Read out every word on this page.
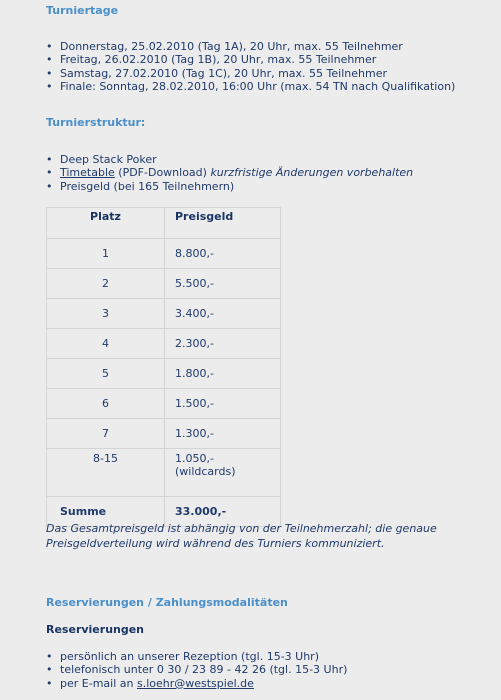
Turniertage
• Donnerstag, 25.02.2010 (Tag 1A), 20 Uhr, max. 55 Teilnehmer
• Freitag, 26.02.2010 (Tag 1B), 20 Uhr, max. 55 Teilnehmer
• Samstag, 27.02.2010 (Tag 1C), 20 Uhr, max. 55 Teilnehmer
• Finale: Sonntag, 28.02.2010, 16:00 Uhr (max. 54 TN nach Qualifikation)
Turnierstruktur:
• Deep Stack Poker
• Timetable (PDF-Download) kurzfristige Änderungen vorbehalten
• Preisgeld (bei 165 Teilnehmern)
Platz	Preisgeld
1	8.800,-
2	5.500,-
3	3.400,-
4	2.300,-
5	1.800,-
6	1.500,-
7	1.300,-
8-15	1.050,-
(wildcards)

Summe	33.000,-
Das Gesamtpreisgeld ist abhängig von der Teilnehmerzahl; die genaue
Preisgeldverteilung wird während des Turniers kommuniziert.
Reservierungen / Zahlungsmodalitäten
Reservierungen
• persönlich an unserer Rezeption (tgl. 15-3 Uhr)
• telefonisch unter 0 30 / 23 89 - 42 26 (tgl. 15-3 Uhr)
• per E-mail an s.loehr@westspiel.de
